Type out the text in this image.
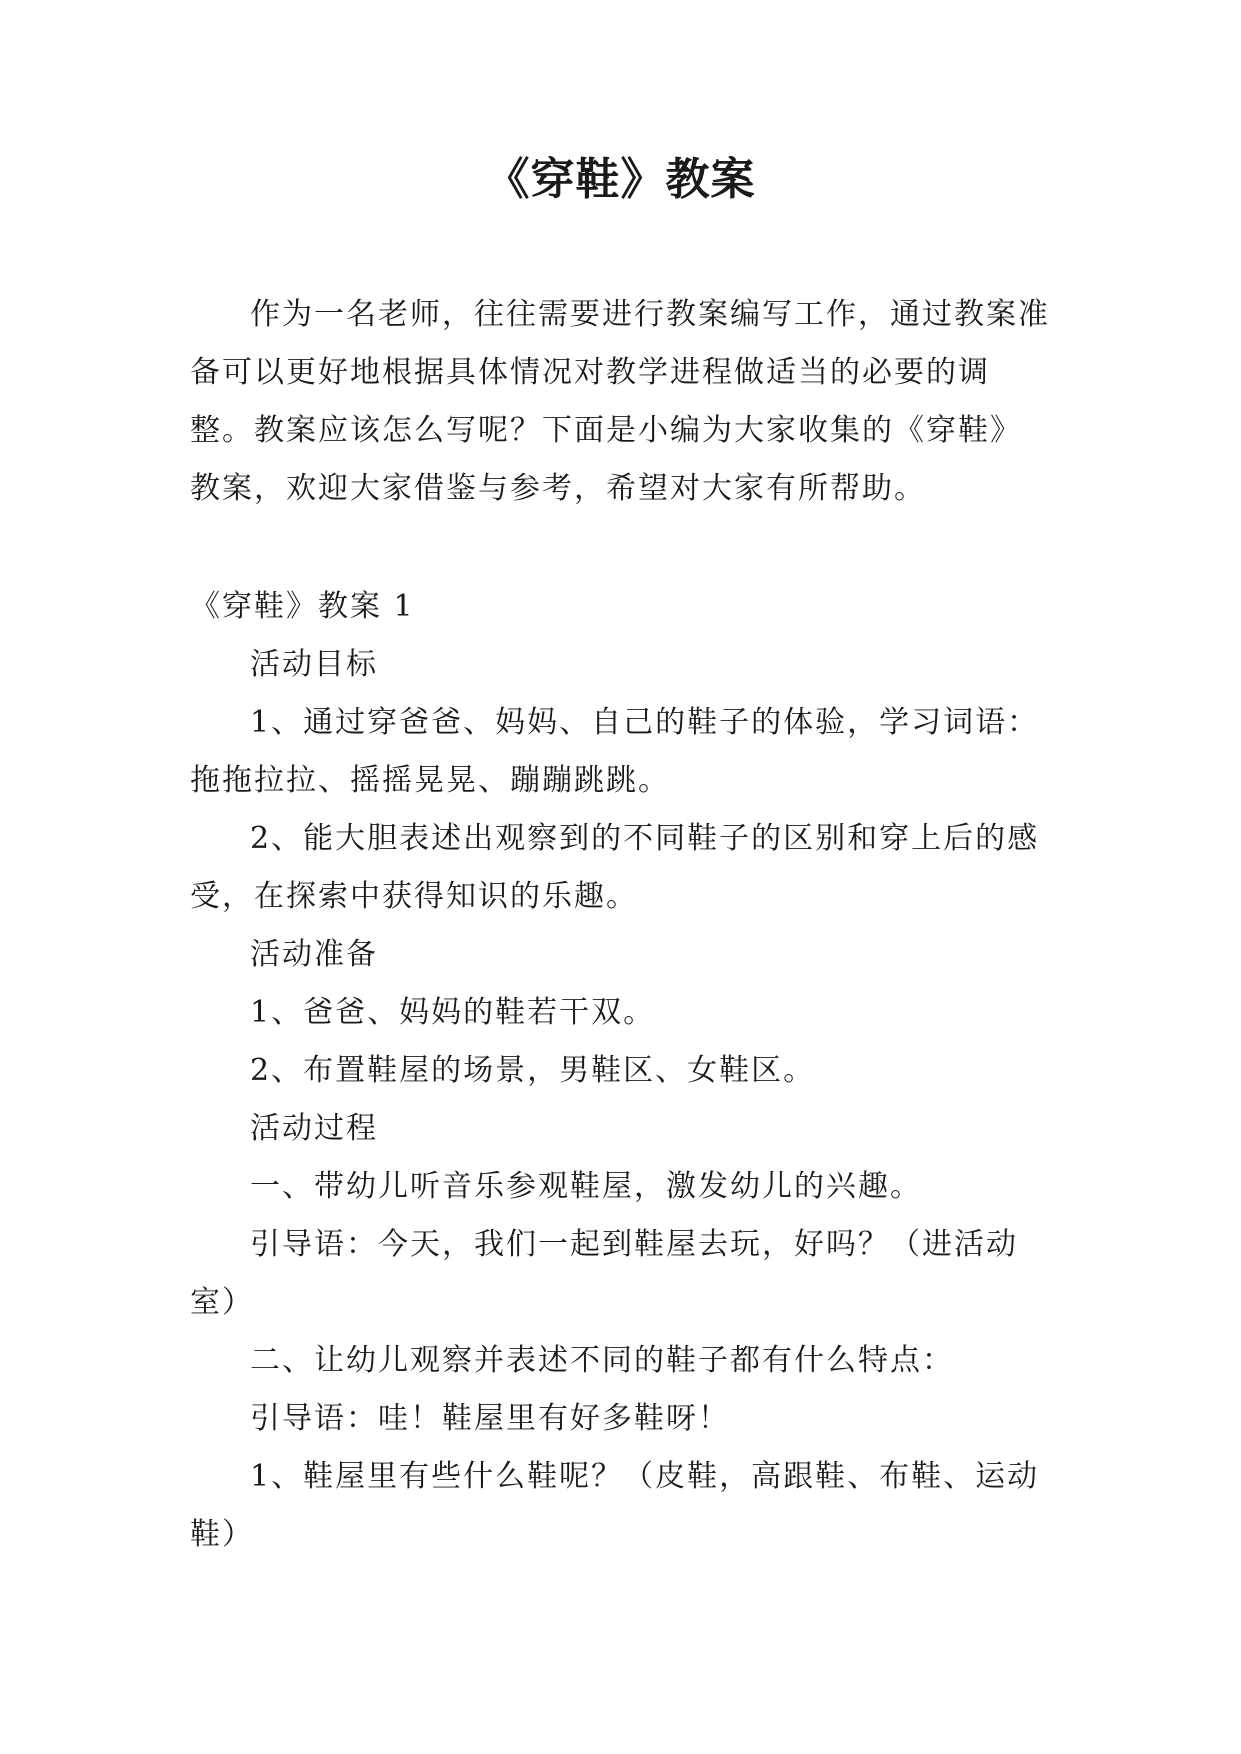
《穿鞋》教案

作为一名老师，往往需要进行教案编写工作，通过教案准备可以更好地根据具体情况对教学进程做适当的必要的调整。教案应该怎么写呢？下面是小编为大家收集的《穿鞋》教案，欢迎大家借鉴与参考，希望对大家有所帮助。

《穿鞋》教案 1

活动目标

1、通过穿爸爸、妈妈、自己的鞋子的体验，学习词语：拖拖拉拉、摇摇晃晃、蹦蹦跳跳。

2、能大胆表述出观察到的不同鞋子的区别和穿上后的感受，在探索中获得知识的乐趣。

活动准备

1、爸爸、妈妈的鞋若干双。

2、布置鞋屋的场景，男鞋区、女鞋区。

活动过程

一、带幼儿听音乐参观鞋屋，激发幼儿的兴趣。

引导语：今天，我们一起到鞋屋去玩，好吗？（进活动室）

二、让幼儿观察并表述不同的鞋子都有什么特点：

引导语：哇！鞋屋里有好多鞋呀！

1、鞋屋里有些什么鞋呢？（皮鞋，高跟鞋、布鞋、运动鞋）
